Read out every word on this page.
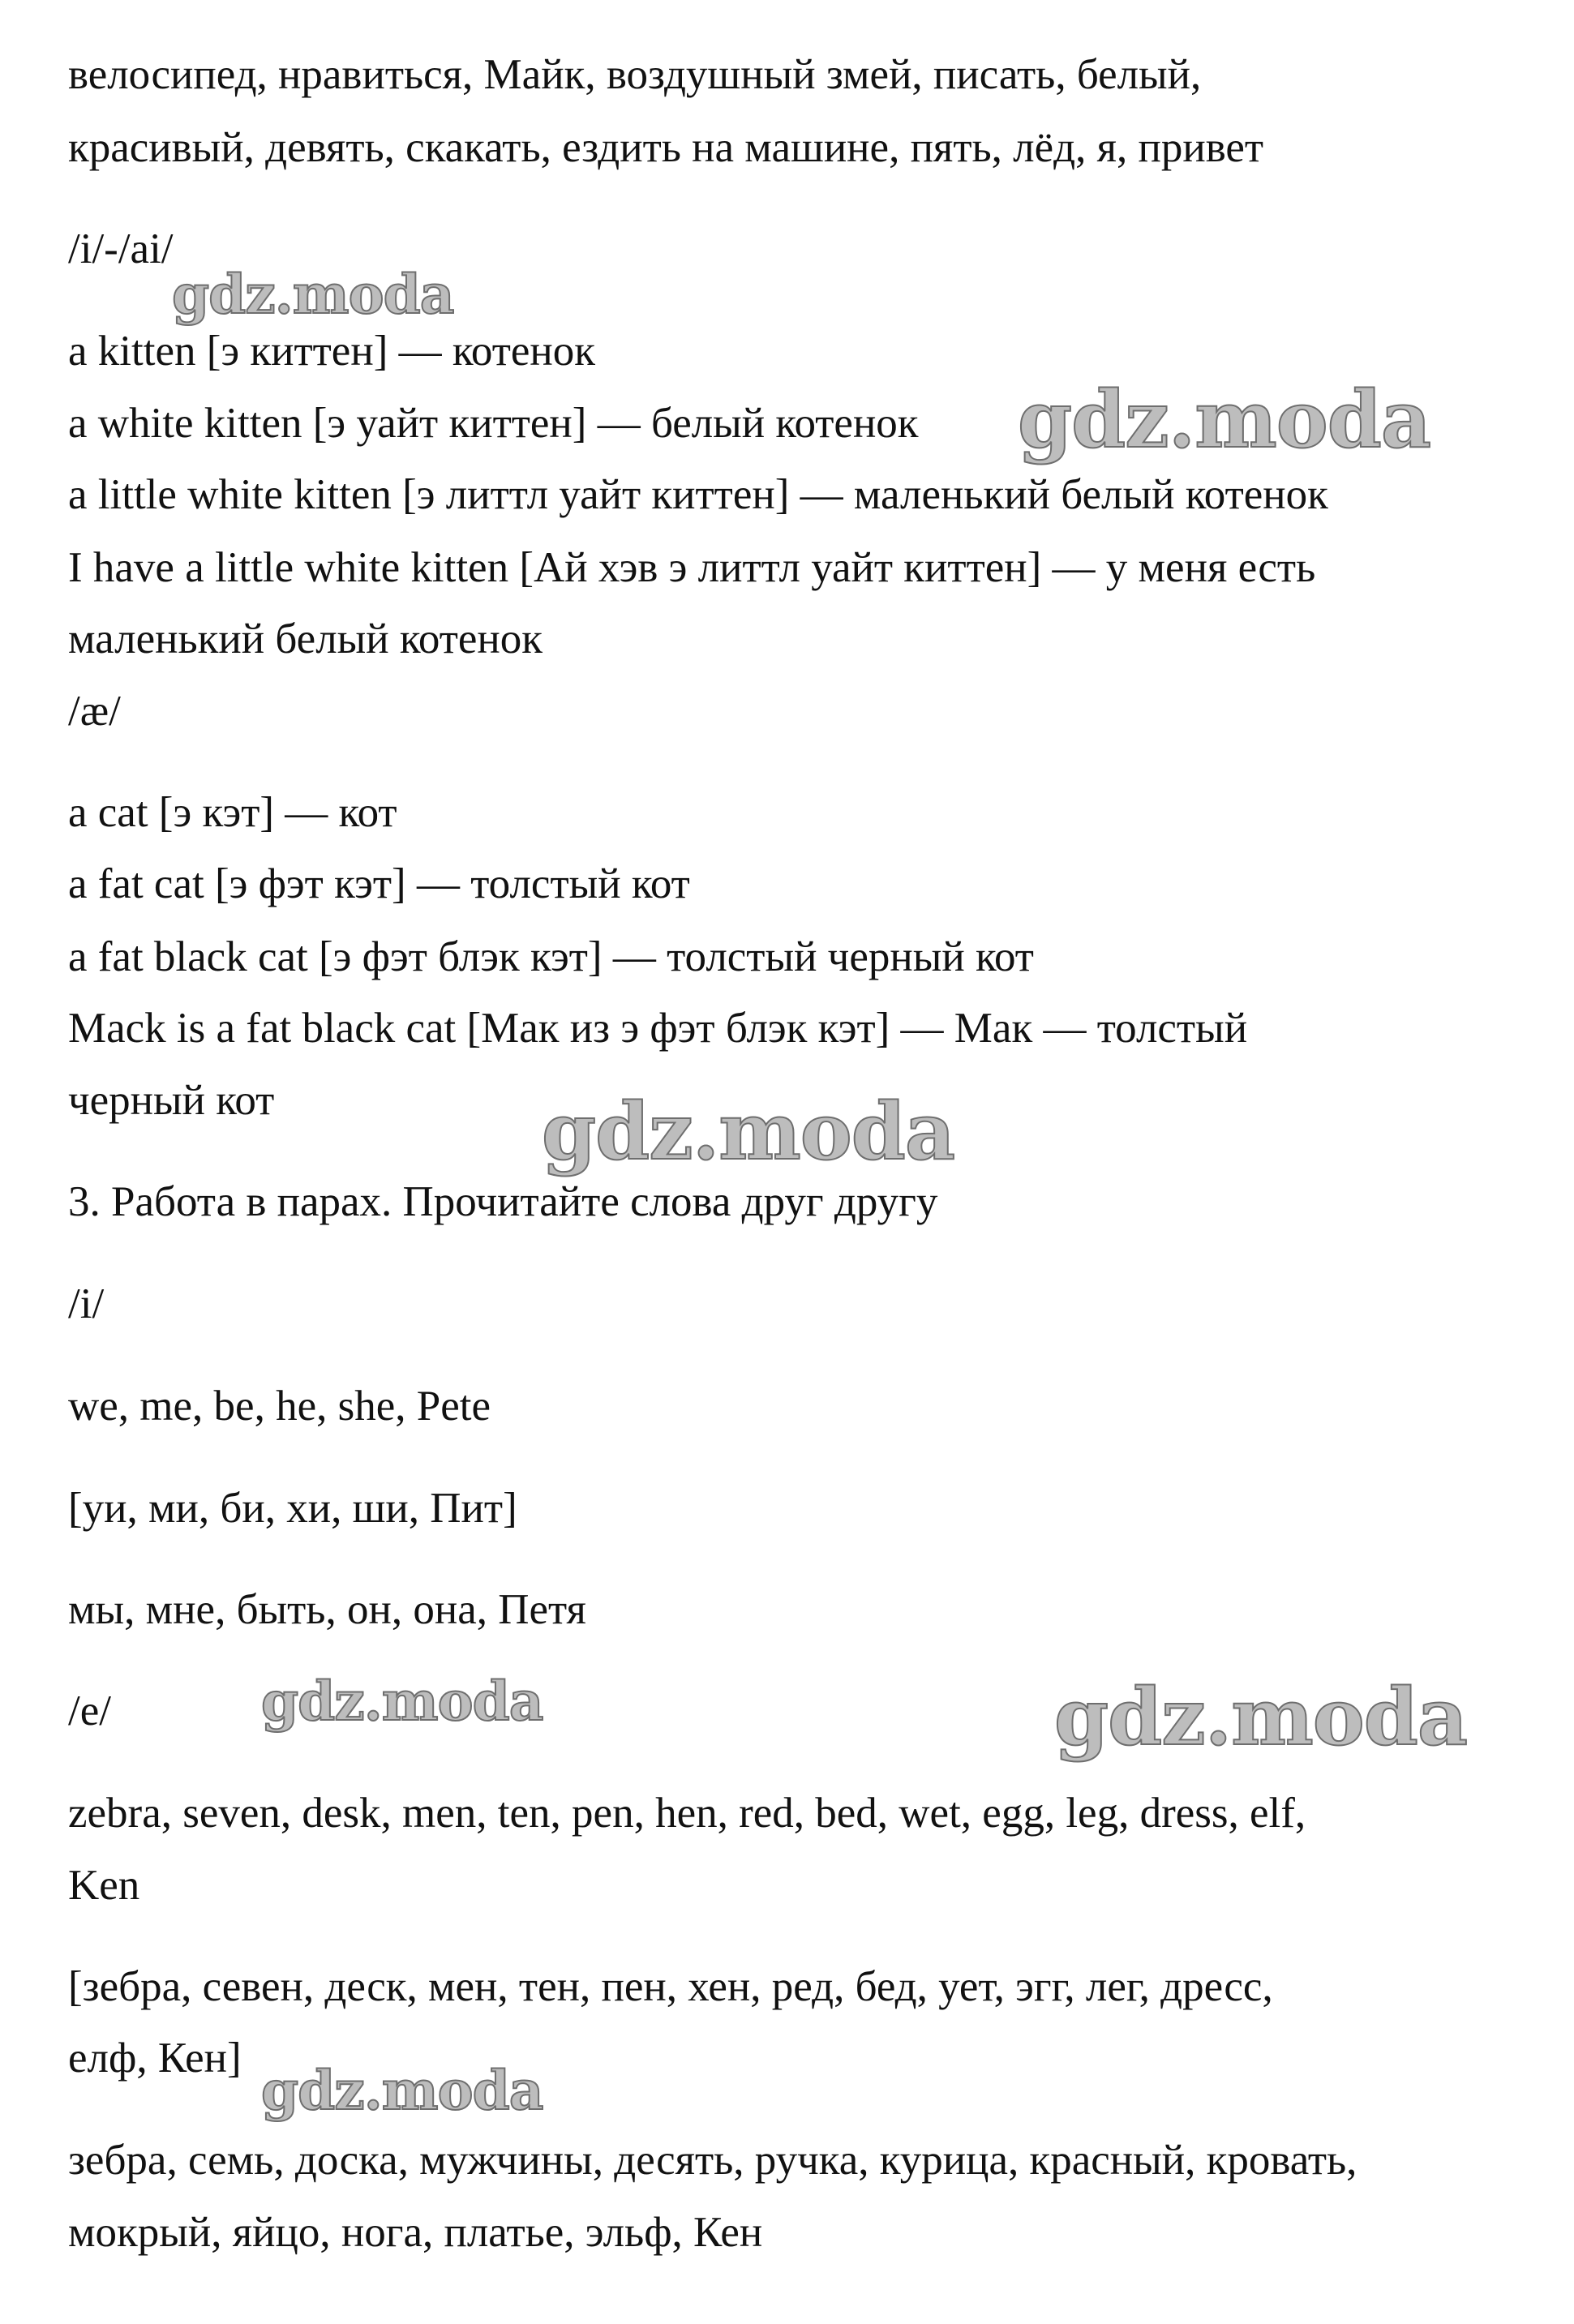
велосипед, нравиться, Майк, воздушный змей, писать, белый,
красивый, девять, скакать, ездить на машине, пять, лёд, я, привет
/i/-/ai/
a kitten [э киттен] — котенок
a white kitten [э уайт киттен] — белый котенок
a little white kitten [э литтл уайт киттен] — маленький белый котенок
I have a little white kitten [Ай хэв э литтл уайт киттен] — у меня есть
маленький белый котенок
/æ/
a cat [э кэт] — кот
a fat cat [э фэт кэт] — толстый кот
a fat black cat [э фэт блэк кэт] — толстый черный кот
Mack is a fat black cat [Мак из э фэт блэк кэт] — Мак — толстый
черный кот
3. Работа в парах. Прочитайте слова друг другу
/i/
we, me, be, he, she, Pete
[уи, ми, би, хи, ши, Пит]
мы, мне, быть, он, она, Петя
/e/
zebra, seven, desk, men, ten, pen, hen, red, bed, wet, egg, leg, dress, elf,
Ken
[зебра, севен, деск, мен, тен, пен, хен, ред, бед, ует, эгг, лег, дресс,
елф, Кен]
зебра, семь, доска, мужчины, десять, ручка, курица, красный, кровать,
мокрый, яйцо, нога, платье, эльф, Кен
gdz.moda
gdz.moda
gdz.moda
gdz.moda	gdz.moda
gdz.moda
